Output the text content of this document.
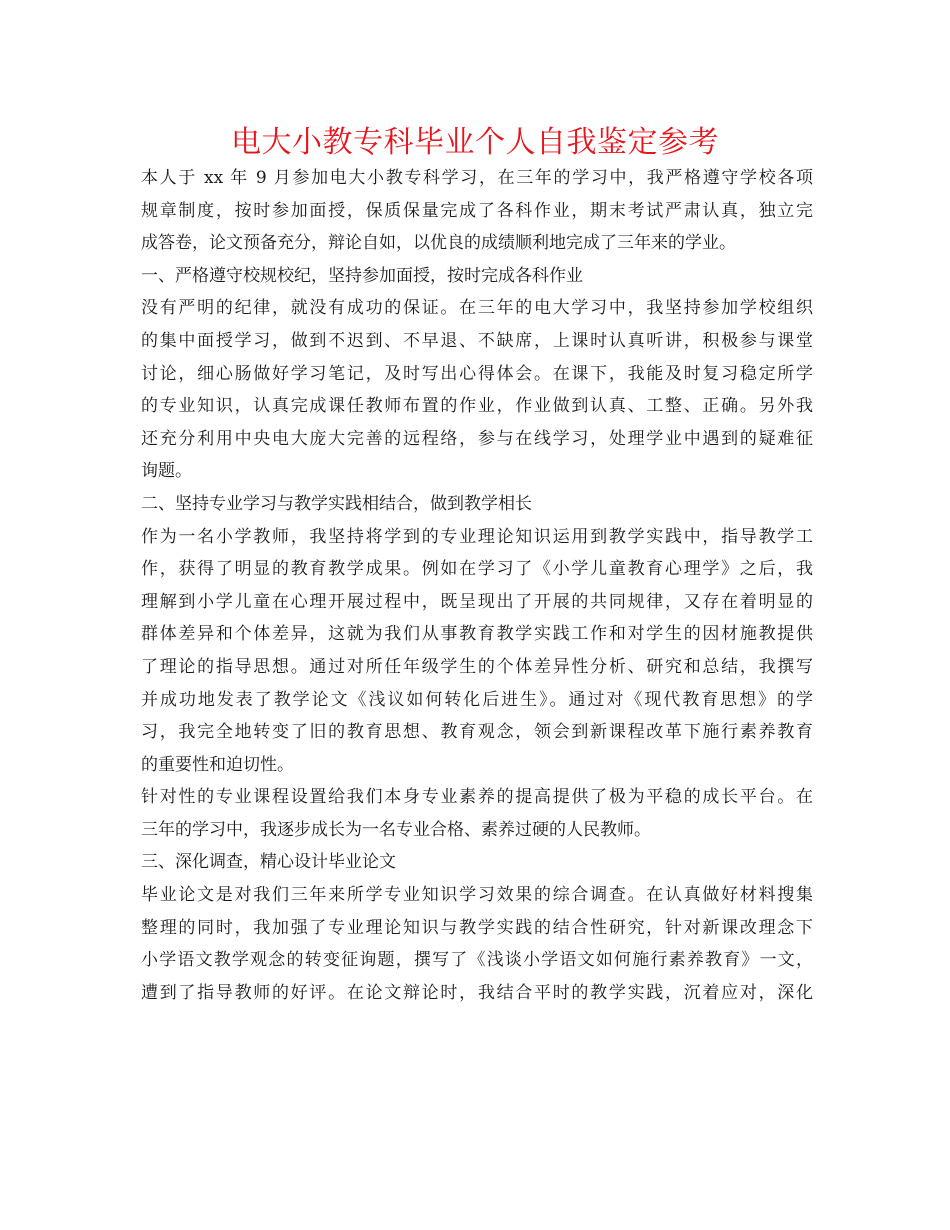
电大小教专科毕业个人自我鉴定参考
本人于 xx 年 9 月参加电大小教专科学习，在三年的学习中，我严格遵守学校各项
规章制度，按时参加面授，保质保量完成了各科作业，期末考试严肃认真，独立完
成答卷，论文预备充分，辩论自如，以优良的成绩顺利地完成了三年来的学业。
一、严格遵守校规校纪，坚持参加面授，按时完成各科作业
没有严明的纪律，就没有成功的保证。在三年的电大学习中，我坚持参加学校组织
的集中面授学习，做到不迟到、不早退、不缺席，上课时认真听讲，积极参与课堂
讨论，细心肠做好学习笔记，及时写出心得体会。在课下，我能及时复习稳定所学
的专业知识，认真完成课任教师布置的作业，作业做到认真、工整、正确。另外我
还充分利用中央电大庞大完善的远程络，参与在线学习，处理学业中遇到的疑难征
询题。
二、坚持专业学习与教学实践相结合，做到教学相长
作为一名小学教师，我坚持将学到的专业理论知识运用到教学实践中，指导教学工
作，获得了明显的教育教学成果。例如在学习了《小学儿童教育心理学》之后，我
理解到小学儿童在心理开展过程中，既呈现出了开展的共同规律，又存在着明显的
群体差异和个体差异，这就为我们从事教育教学实践工作和对学生的因材施教提供
了理论的指导思想。通过对所任年级学生的个体差异性分析、研究和总结，我撰写
并成功地发表了教学论文《浅议如何转化后进生》。通过对《现代教育思想》的学
习，我完全地转变了旧的教育思想、教育观念，领会到新课程改革下施行素养教育
的重要性和迫切性。
针对性的专业课程设置给我们本身专业素养的提高提供了极为平稳的成长平台。在
三年的学习中，我逐步成长为一名专业合格、素养过硬的人民教师。
三、深化调查，精心设计毕业论文
毕业论文是对我们三年来所学专业知识学习效果的综合调查。在认真做好材料搜集
整理的同时，我加强了专业理论知识与教学实践的结合性研究，针对新课改理念下
小学语文教学观念的转变征询题，撰写了《浅谈小学语文如何施行素养教育》一文，
遭到了指导教师的好评。在论文辩论时，我结合平时的教学实践，沉着应对，深化
